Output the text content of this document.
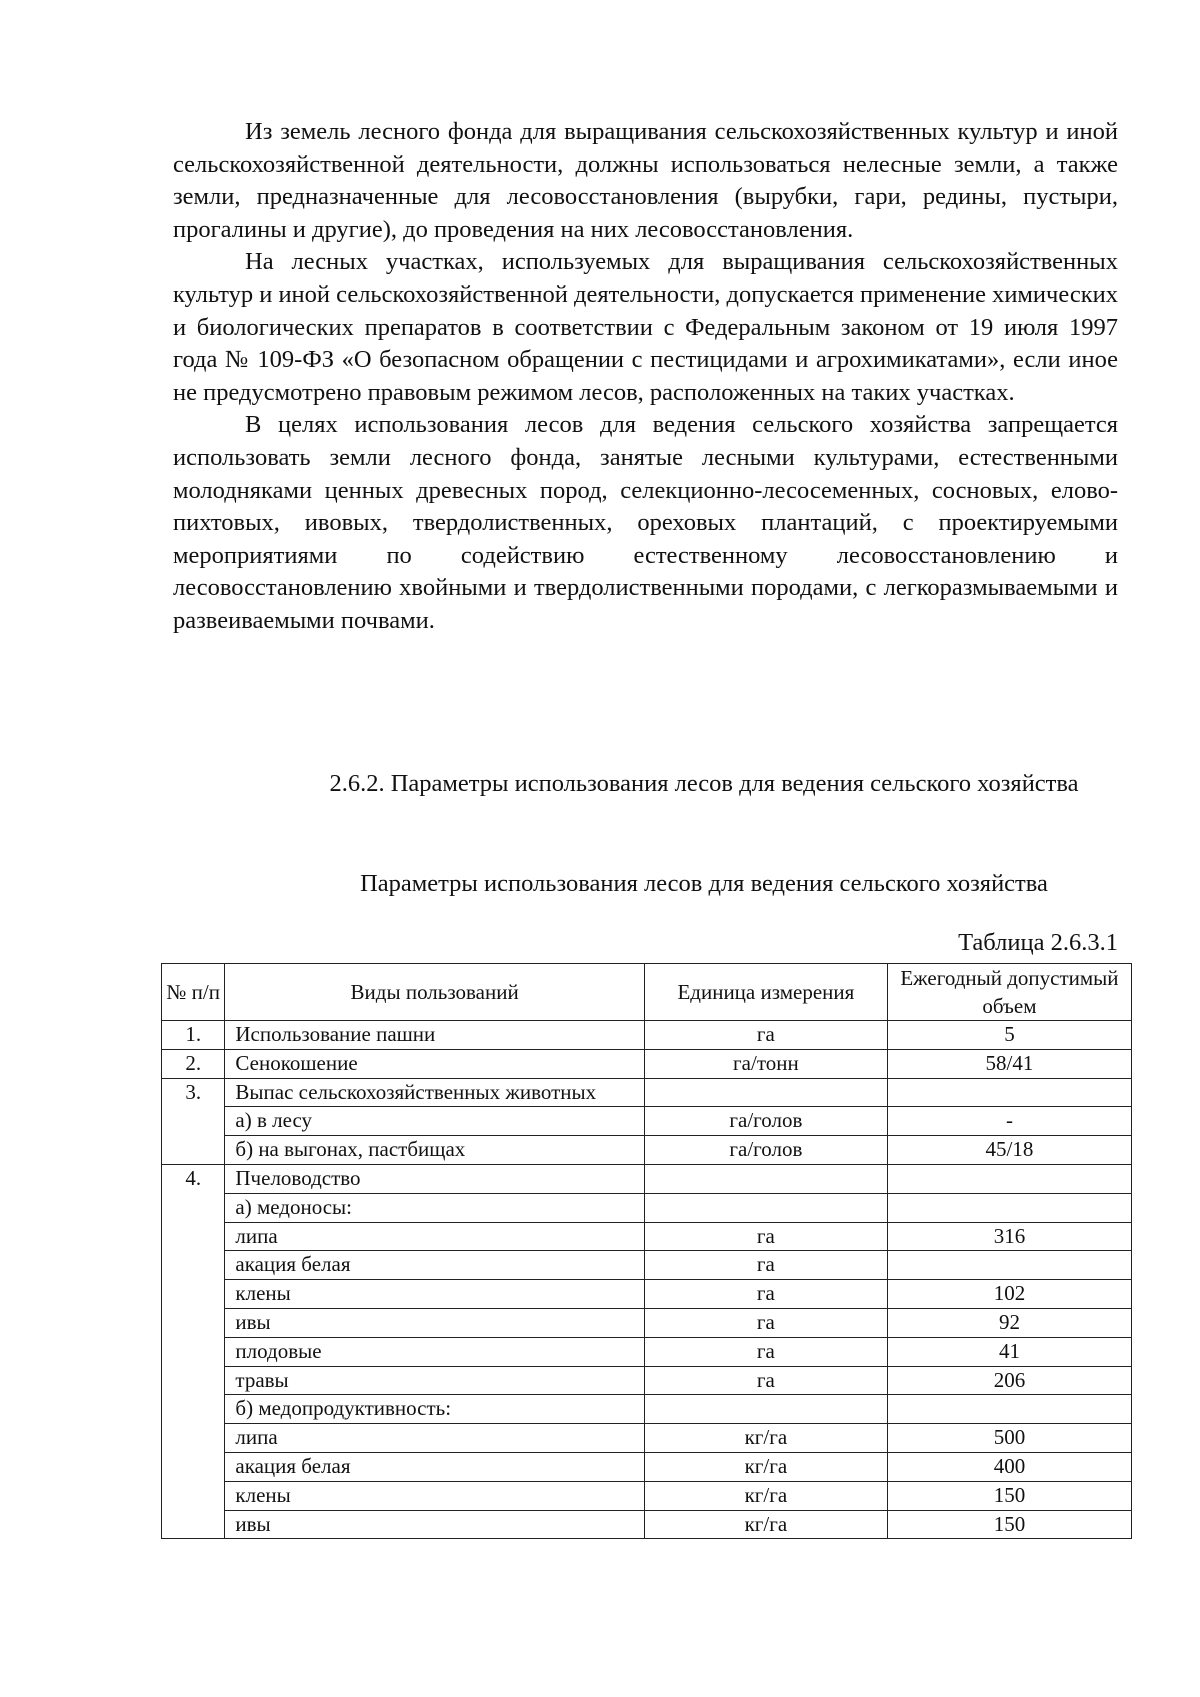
Из земель лесного фонда для выращивания сельскохозяйственных культур и иной сельскохозяйственной деятельности, должны использоваться нелесные земли, а также земли, предназначенные для лесовосстановления (вырубки, гари, редины, пустыри, прогалины и другие), до проведения на них лесовосстановления.

На лесных участках, используемых для выращивания сельскохозяйственных культур и иной сельскохозяйственной деятельности, допускается применение химических и биологических препаратов в соответствии с Федеральным законом от 19 июля 1997 года № 109-ФЗ «О безопасном обращении с пестицидами и агрохимикатами», если иное не предусмотрено правовым режимом лесов, расположенных на таких участках.

В целях использования лесов для ведения сельского хозяйства запрещается использовать земли лесного фонда, занятые лесными культурами, естественными молодняками ценных древесных пород, селекционно-лесосеменных, сосновых, елово-пихтовых, ивовых, твердолиственных, ореховых плантаций, с проектируемыми мероприятиями по содействию естественному лесовосстановлению и лесовосстановлению хвойными и твердолиственными породами, с легкоразмываемыми и развеиваемыми почвами.

2.6.2. Параметры использования лесов для ведения сельского хозяйства

Параметры использования лесов для ведения сельского хозяйства

Таблица 2.6.3.1

№ п/п	Виды пользований	Единица измерения	Ежегодный допустимый объем
1.	Использование пашни	га	5
2.	Сенокошение	га/тонн	58/41
3.	Выпас сельскохозяйственных животных		
	а) в лесу	га/голов	-
	б) на выгонах, пастбищах	га/голов	45/18
4.	Пчеловодство		
	а) медоносы:		
	липа	га	316
	акация белая	га	
	клены	га	102
	ивы	га	92
	плодовые	га	41
	травы	га	206
	б) медопродуктивность:		
	липа	кг/га	500
	акация белая	кг/га	400
	клены	кг/га	150
	ивы	кг/га	150
